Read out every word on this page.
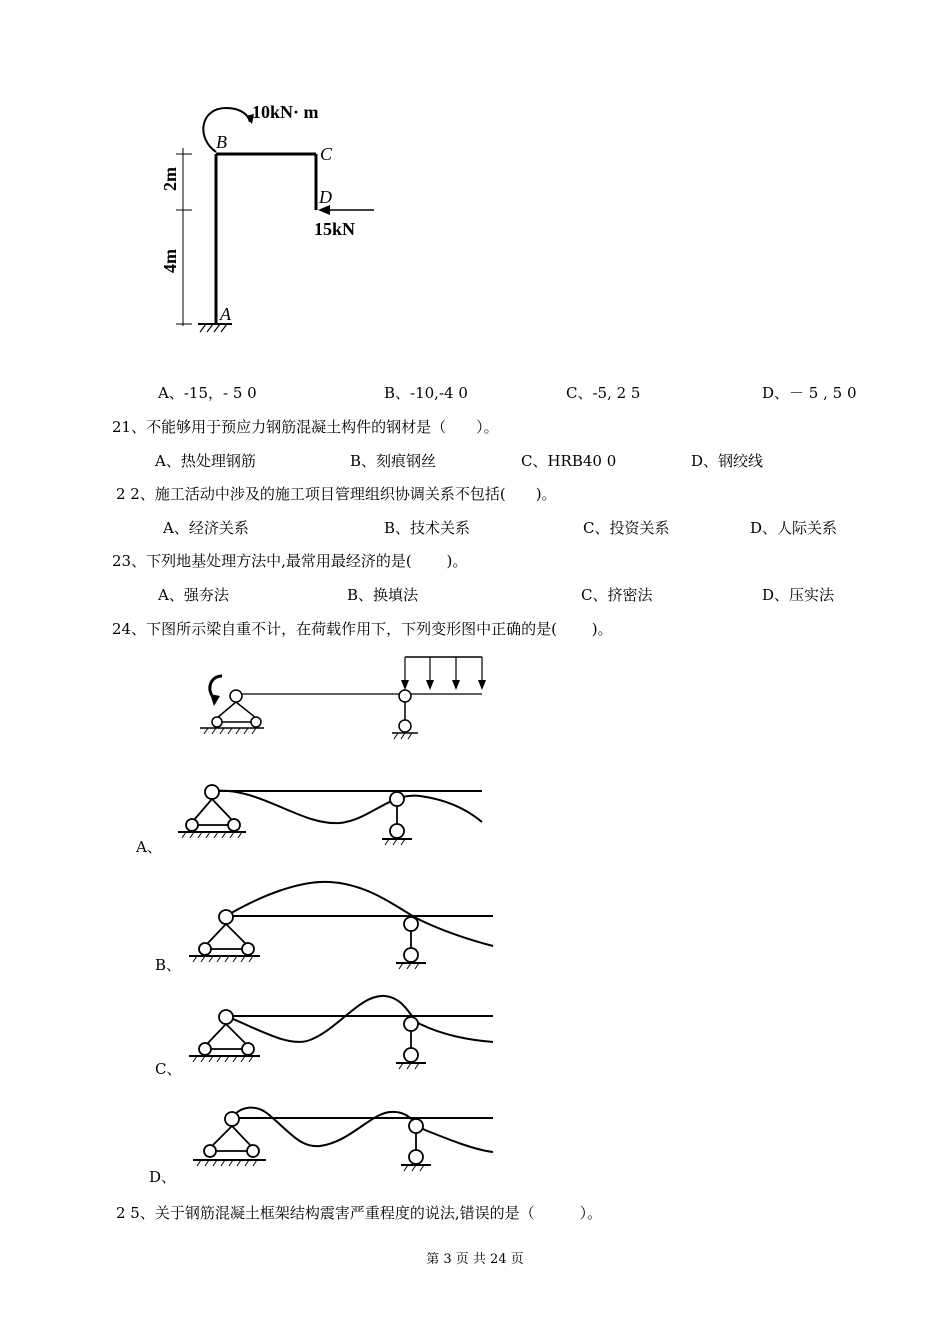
10kN· m
15kN
B
C
D
A
2m
4m
A、-15，- 5 0	B、-10,-4 0	C、-5, 2 5	D、－ 5 , 5 0
21、不能够用于预应力钢筋混凝土构件的钢材是（　　）。
A、热处理钢筋	B、刻痕钢丝	C、HRB40 0	D、钢绞线
2 2、施工活动中涉及的施工项目管理组织协调关系不包括(　　)。
A、经济关系	B、技术关系	C、投资关系	D、人际关系
23、下列地基处理方法中,最常用最经济的是(　　 )。
A、强夯法	B、换填法	C、挤密法	D、压实法
24、下图所示梁自重不计，在荷载作用下，下列变形图中正确的是(　　 )。
A、
B、
C、
D、
2 5、关于钢筋混凝土框架结构震害严重程度的说法,错误的是（　　　）。
第 3 页 共 24 页
